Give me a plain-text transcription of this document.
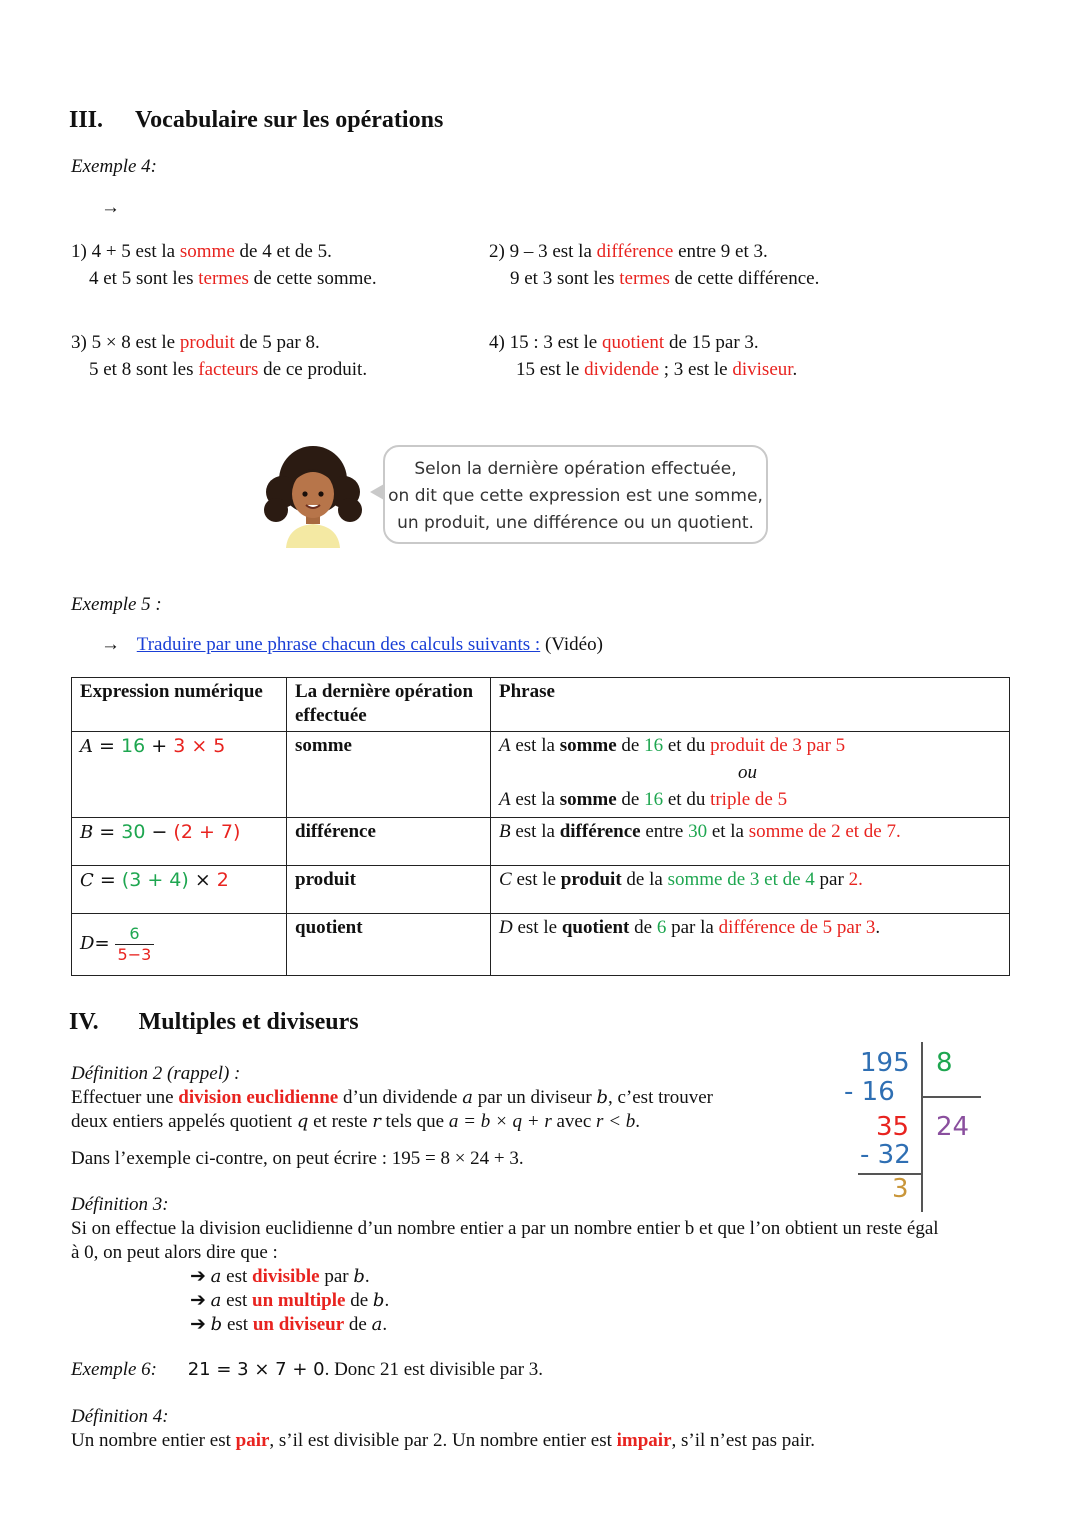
III. Vocabulaire sur les opérations
Exemple 4:
→
1) 4 + 5 est la somme de 4 et de 5.
4 et 5 sont les termes de cette somme.
2) 9 – 3 est la différence entre 9 et 3.
9 et 3 sont les termes de cette différence.
3) 5 × 8 est le produit de 5 par 8.
5 et 8 sont les facteurs de ce produit.
4) 15 : 3 est le quotient de 15 par 3.
15 est le dividende ; 3 est le diviseur.
Selon la dernière opération effectuée,
on dit que cette expression est une somme,
un produit, une différence ou un quotient.
Exemple 5 :
→ Traduire par une phrase chacun des calculs suivants : (Vidéo)
Expression numérique	La dernière opération effectuée	Phrase
A = 16 + 3 × 5	somme	A est la somme de 16 et du produit de 3 par 5
ou
A est la somme de 16 et du triple de 5

B = 30 − (2 + 7)	différence	B est la différence entre 30 et la somme de 2 et de 7.
C = (3 + 4) × 2	produit	C est le produit de la somme de 3 et de 4 par 2.

$D = \frac{6}{5-3}$	quotient	D est le quotient de 6 par la différence de 5 par 3.
IV. Multiples et diviseurs
Définition 2 (rappel) :
Effectuer une division euclidienne d’un dividende a par un diviseur b, c’est trouver
deux entiers appelés quotient q et reste r tels que a = b × q + r avec r < b.
Dans l’exemple ci-contre, on peut écrire : 195 = 8 × 24 + 3.
195 8
- 16
35 24
- 32
3
Définition 3:
Si on effectue la division euclidienne d’un nombre entier a par un nombre entier b et que l’on obtient un reste égal
à 0, on peut alors dire que :
➔ a est divisible par b.
➔ a est un multiple de b.
➔ b est un diviseur de a.
Exemple 6: 21 = 3 × 7 + 0. Donc 21 est divisible par 3.
Définition 4:
Un nombre entier est pair, s’il est divisible par 2. Un nombre entier est impair, s’il n’est pas pair.
